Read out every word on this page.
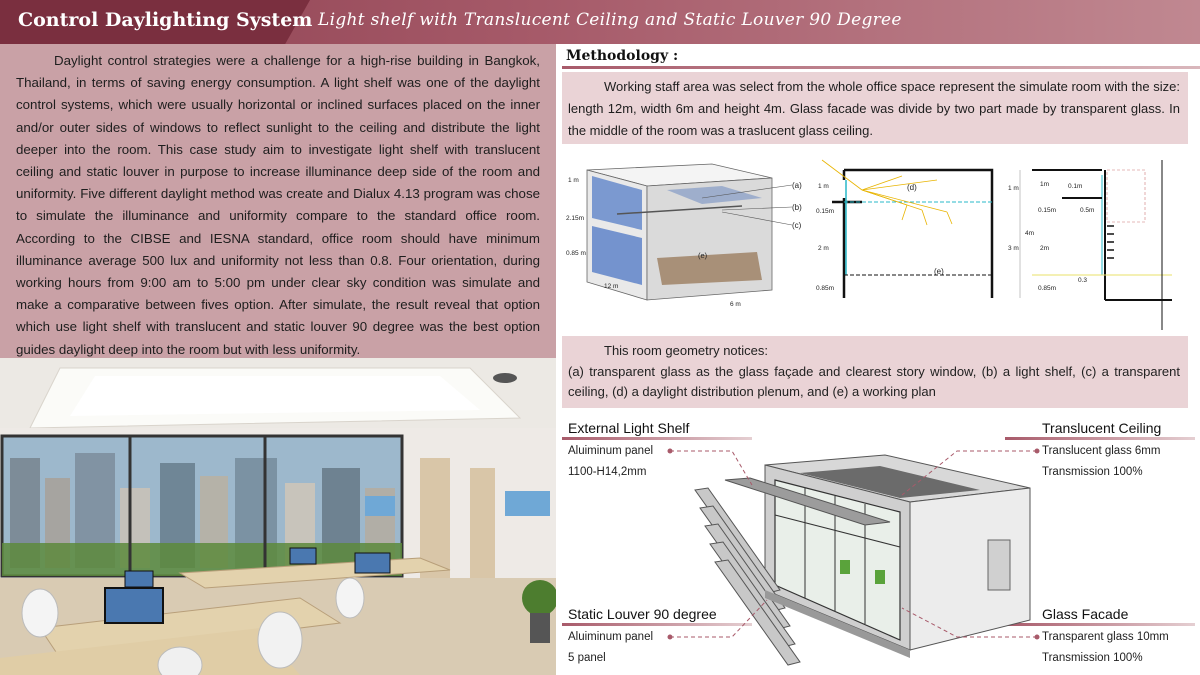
Control Daylighting System Light shelf with Translucent Ceiling and Static Louver 90 Degree

Daylight control strategies were a challenge for a high-rise building in Bangkok, Thailand, in terms of saving energy consumption. A light shelf was one of the daylight control systems, which were usually horizontal or inclined surfaces placed on the inner and/or outer sides of windows to reflect sunlight to the ceiling and distribute the light deeper into the room. This case study aim to investigate light shelf with translucent ceiling and static louver in purpose to increase illuminance deep side of the room and uniformity. Five different daylight method was create and Dialux 4.13 program was chose to simulate the illuminance and uniformity compare to the standard office room. According to the CIBSE and IESNA standard, office room should have minimum illuminance average 500 lux and uniformity not less than 0.8. Four orientation, during working hours from 9:00 am to 5:00 pm under clear sky condition was simulate and make a comparative between fives option. After simulate, the result reveal that option which use light shelf with translucent and static louver 90 degree was the best option guides daylight deep into the room but with less uniformity.

Methodology :

Working staff area was select from the whole office space represent the simulate room with the size: length 12m, width 6m and height 4m. Glass facade was divide by two part made by transparent glass. In the middle of the room was a traslucent glass ceiling.

1 m
2.15m
0.85 m
12 m
6 m
(e)
(a)
(b)
(c)
(d)
(e)
1 m
0.15m
2 m
0.85m
1 m
3 m
4m
1m
0.15m
2m
0.85m
0.1m
0.5m
0.3
This room geometry notices:
(a) transparent glass as the glass façade and clearest story window, (b) a light shelf, (c) a transparent ceiling, (d) a daylight distribution plenum, and (e) a working plan
External Light Shelf
Aluiminum panel
1100-H14,2mm
Translucent Ceiling
Translucent glass 6mm
Transmission 100%
Static Louver 90 degree
Aluiminum panel
5 panel
Glass Facade
Transparent glass 10mm
Transmission 100%
